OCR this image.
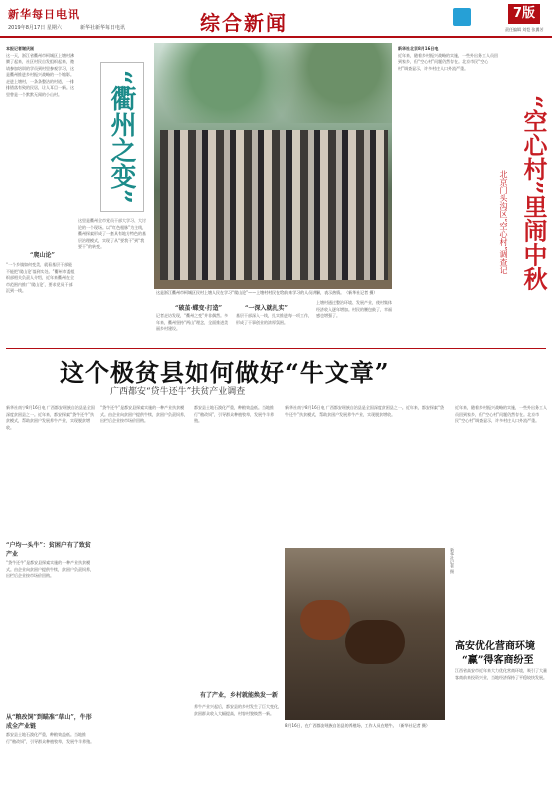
新华每日电讯
2019年8月17日 星期六	新华社新华每日电讯	综合新闻	7版
责任编辑 刘恺 张翼芳
本报记者谢庆刚
这一天，浙江省衢州市柯城区上塘村沸腾了起来，社区村民自发组织起来，邀请参加培训的学员到村里参观学习，这是衢州推进乡村振兴战略的一个缩影。走进上塘村，一条条整洁的村道，一排排错落有致的民居，让人耳目一新。这里曾是一个默默无闻的小山村。
“爬山论”
“一个乡镇如何变美，就看基层干部能不能把‘爬山论’落到实处。”衢州市委组织部相关负责人介绍，近年来衢州在全市范围内推广‘爬山论’，要求党员干部沉到一线。
“衢州之变”
这里是衢州全市党员干部大学习、大讨论的一个现场。以“红色根脉”为主线，衢州探索形成了一套具有地方特色的基层治理模式，实现了从“要我干”到“我要干”的转变。
这是浙江衢州市柯城区民村上塘人民在学习“爬山论”——上塘村村民在给前来学习的人员讲解，表示热情。（新华社记者 摄）
“破茧·蝶变·打造”
记者走访发现，“衢州之变”并非偶然。多年来，衢州坚持“两山”理念，全面推进美丽乡村建设。
“一深入就扎实”
基层干部深入一线，扎实推进每一项工作，形成了干事创业的浓厚氛围。
上塘村通过整治环境、发展产业，使村集体经济收入逐年增加。村民的腰包鼓了，幸福感也增强了。
新华社北京8月16日电
近年来，随着乡村振兴战略的实施，一些外出务工人员回到家乡，但“空心村”问题仍然存在。北京市民“空心村”调查显示，许多村庄人口外流严重。
“空心村”里闹中秋
北京门头沟区“空心村”调查记
这个极贫县如何做好“牛文章”
广西都安“贷牛还牛”扶贫产业调查
新华社南宁8月16日电 广西都安瑶族自治县是全国深度贫困县之一。近年来，都安探索“贷牛还牛”扶贫模式，帮助贫困户发展养牛产业，实现脱贫增收。
“户均一头牛”：贫困户有了致贫产业
“贷牛还牛”是都安县探索实施的一种产业扶贫模式。由企业向贫困户提供牛犊，贫困户负责饲养，出栏后企业按市场价回购。
从“粮改饲”到瞄准“草山”，牛形成全产业链
都安县土地石漠化严重，种粮效益低。当地推行“粮改饲”，引导群众种植牧草，发展牛羊养殖。
“贷牛还牛”是都安县探索实施的一种产业扶贫模式。由企业向贫困户提供牛犊，贫困户负责饲养，出栏后企业按市场价回购。
都安县土地石漠化严重，种粮效益低。当地推行“粮改饲”，引导群众种植牧草，发展牛羊养殖。
有了产业，乡村就能焕发一新
养牛产业兴起后，都安县的乡村发生了巨大变化，贫困群众收入大幅提高，村容村貌焕然一新。
新华社南宁8月16日电 广西都安瑶族自治县是全国深度贫困县之一。近年来，都安探索“贷牛还牛”扶贫模式，帮助贫困户发展养牛产业，实现脱贫增收。
新华社记者 摄
8月16日，在广西都安瑶族自治县的养殖场，工作人员在喂牛。（新华社记者 摄）
近年来，随着乡村振兴战略的实施，一些外出务工人员回到家乡，但“空心村”问题仍然存在。北京市民“空心村”调查显示，许多村庄人口外流严重。
高安优化营商环境
“赢”得客商纷至
江西省高安市近年来大力优化营商环境，吸引了大量客商前来投资兴业，当地经济保持了平稳较快发展。
